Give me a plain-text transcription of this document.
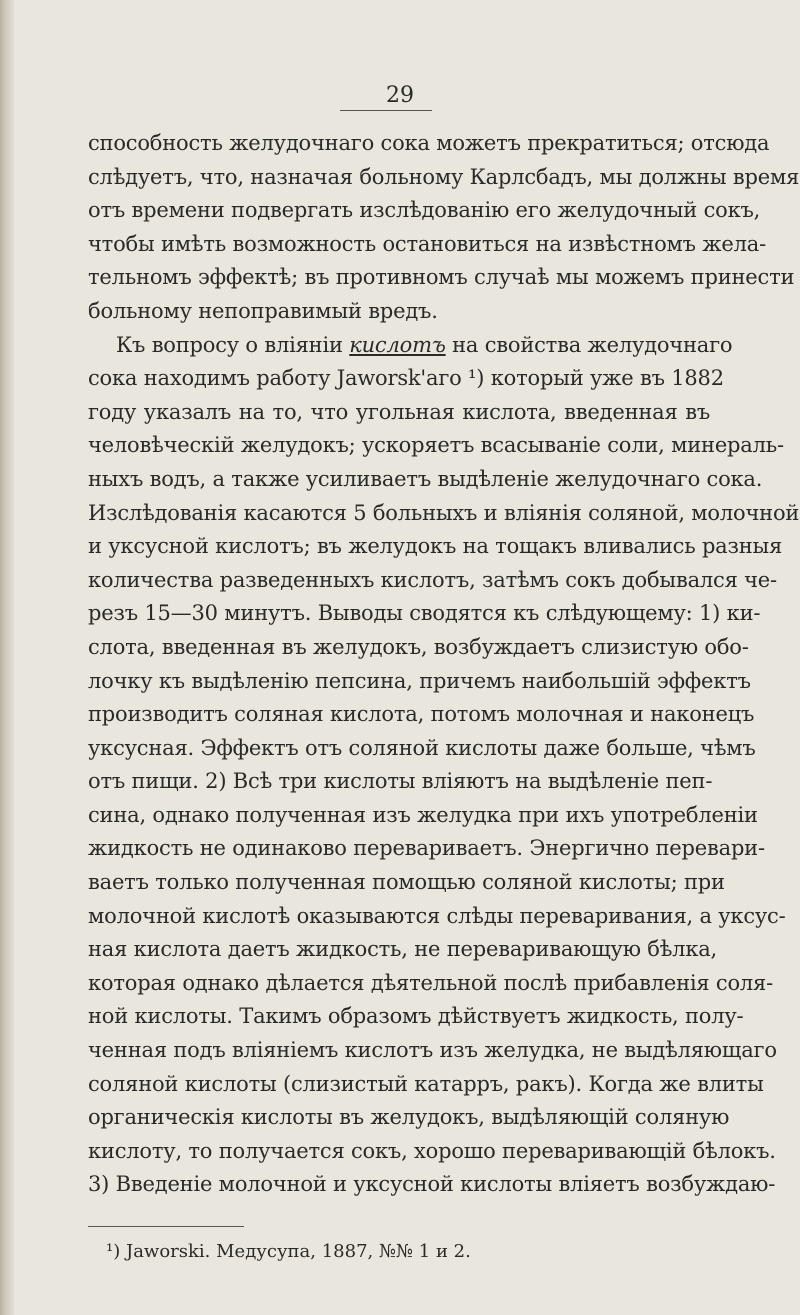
29
способность желудочнаго сока можетъ прекратиться; отсюда
слѣдуетъ, что, назначая больному Карлсбадъ, мы должны время
отъ времени подвергать изслѣдованію его желудочный сокъ,
чтобы имѣть возможность остановиться на извѣстномъ жела-
тельномъ эффектѣ; въ противномъ случаѣ мы можемъ принести
больному непоправимый вредъ.
Къ вопросу о вліяніи кислотъ на свойства желудочнаго
сока находимъ работу Jaworsk'аго ¹) который уже въ 1882
году указалъ на то, что угольная кислота, введенная въ
человѣческій желудокъ; ускоряетъ всасываніе соли, минераль-
ныхъ водъ, а также усиливаетъ выдѣленіе желудочнаго сока.
Изслѣдованія касаются 5 больныхъ и вліянія соляной, молочной
и уксусной кислотъ; въ желудокъ на тощакъ вливались разныя
количества разведенныхъ кислотъ, затѣмъ сокъ добывался че-
резъ 15—30 минутъ. Выводы сводятся къ слѣдующему: 1) ки-
слота, введенная въ желудокъ, возбуждаетъ слизистую обо-
лочку къ выдѣленію пепсина, причемъ наибольшій эффектъ
производитъ соляная кислота, потомъ молочная и наконецъ
уксусная. Эффектъ отъ соляной кислоты даже больше, чѣмъ
отъ пищи. 2) Всѣ три кислоты вліяютъ на выдѣленіе пеп-
сина, однако полученная изъ желудка при ихъ употребленіи
жидкость не одинаково перевариваетъ. Энергично перевари-
ваетъ только полученная помощью соляной кислоты; при
молочной кислотѣ оказываются слѣды переваривания, а уксус-
ная кислота даетъ жидкость, не переваривающую бѣлка,
которая однако дѣлается дѣятельной послѣ прибавленія соля-
ной кислоты. Такимъ образомъ дѣйствуетъ жидкость, полу-
ченная подъ вліяніемъ кислотъ изъ желудка, не выдѣляющаго
соляной кислоты (слизистый катарръ, ракъ). Когда же влиты
органическія кислоты въ желудокъ, выдѣляющій соляную
кислоту, то получается сокъ, хорошо переваривающій бѣлокъ.
3) Введеніе молочной и уксусной кислоты вліяетъ возбуждаю-
¹) Jaworski. Meдусупа, 1887, №№ 1 и 2.
